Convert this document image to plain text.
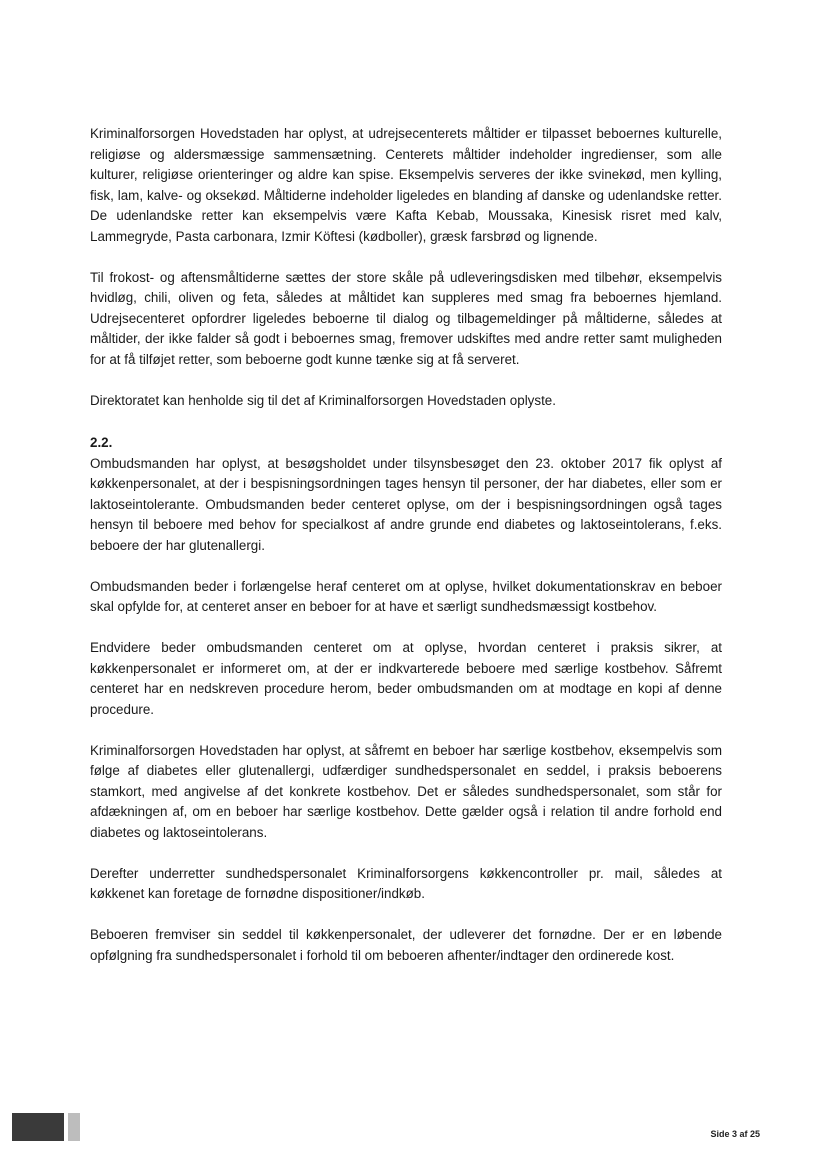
Kriminalforsorgen Hovedstaden har oplyst, at udrejsecenterets måltider er tilpasset beboernes kulturelle, religiøse og aldersmæssige sammensætning. Centerets måltider indeholder ingredienser, som alle kulturer, religiøse orienteringer og aldre kan spise. Eksempelvis serveres der ikke svinekød, men kylling, fisk, lam, kalve- og oksekød. Måltiderne indeholder ligeledes en blanding af danske og udenlandske retter. De udenlandske retter kan eksempelvis være Kafta Kebab, Moussaka, Kinesisk risret med kalv, Lammegryde, Pasta carbonara, Izmir Köftesi (kødboller), græsk farsbrød og lignende.

Til frokost- og aftensmåltiderne sættes der store skåle på udleveringsdisken med tilbehør, eksempelvis hvidløg, chili, oliven og feta, således at måltidet kan suppleres med smag fra beboernes hjemland. Udrejsecenteret opfordrer ligeledes beboerne til dialog og tilbagemeldinger på måltiderne, således at måltider, der ikke falder så godt i beboernes smag, fremover udskiftes med andre retter samt muligheden for at få tilføjet retter, som beboerne godt kunne tænke sig at få serveret.

Direktoratet kan henholde sig til det af Kriminalforsorgen Hovedstaden oplyste.

2.2.

Ombudsmanden har oplyst, at besøgsholdet under tilsynsbesøget den 23. oktober 2017 fik oplyst af køkkenpersonalet, at der i bespisningsordningen tages hensyn til personer, der har diabetes, eller som er laktoseintolerante. Ombudsmanden beder centeret oplyse, om der i bespisningsordningen også tages hensyn til beboere med behov for specialkost af andre grunde end diabetes og laktoseintolerans, f.eks. beboere der har glutenallergi.

Ombudsmanden beder i forlængelse heraf centeret om at oplyse, hvilket dokumentationskrav en beboer skal opfylde for, at centeret anser en beboer for at have et særligt sundhedsmæssigt kostbehov.

Endvidere beder ombudsmanden centeret om at oplyse, hvordan centeret i praksis sikrer, at køkkenpersonalet er informeret om, at der er indkvarterede beboere med særlige kostbehov. Såfremt centeret har en nedskreven procedure herom, beder ombudsmanden om at modtage en kopi af denne procedure.

Kriminalforsorgen Hovedstaden har oplyst, at såfremt en beboer har særlige kostbehov, eksempelvis som følge af diabetes eller glutenallergi, udfærdiger sundhedspersonalet en seddel, i praksis beboerens stamkort, med angivelse af det konkrete kostbehov. Det er således sundhedspersonalet, som står for afdækningen af, om en beboer har særlige kostbehov. Dette gælder også i relation til andre forhold end diabetes og laktoseintolerans.

Derefter underretter sundhedspersonalet Kriminalforsorgens køkkencontroller pr. mail, således at køkkenet kan foretage de fornødne dispositioner/indkøb.

Beboeren fremviser sin seddel til køkkenpersonalet, der udleverer det fornødne. Der er en løbende opfølgning fra sundhedspersonalet i forhold til om beboeren afhenter/indtager den ordinerede kost.

Side 3 af 25
